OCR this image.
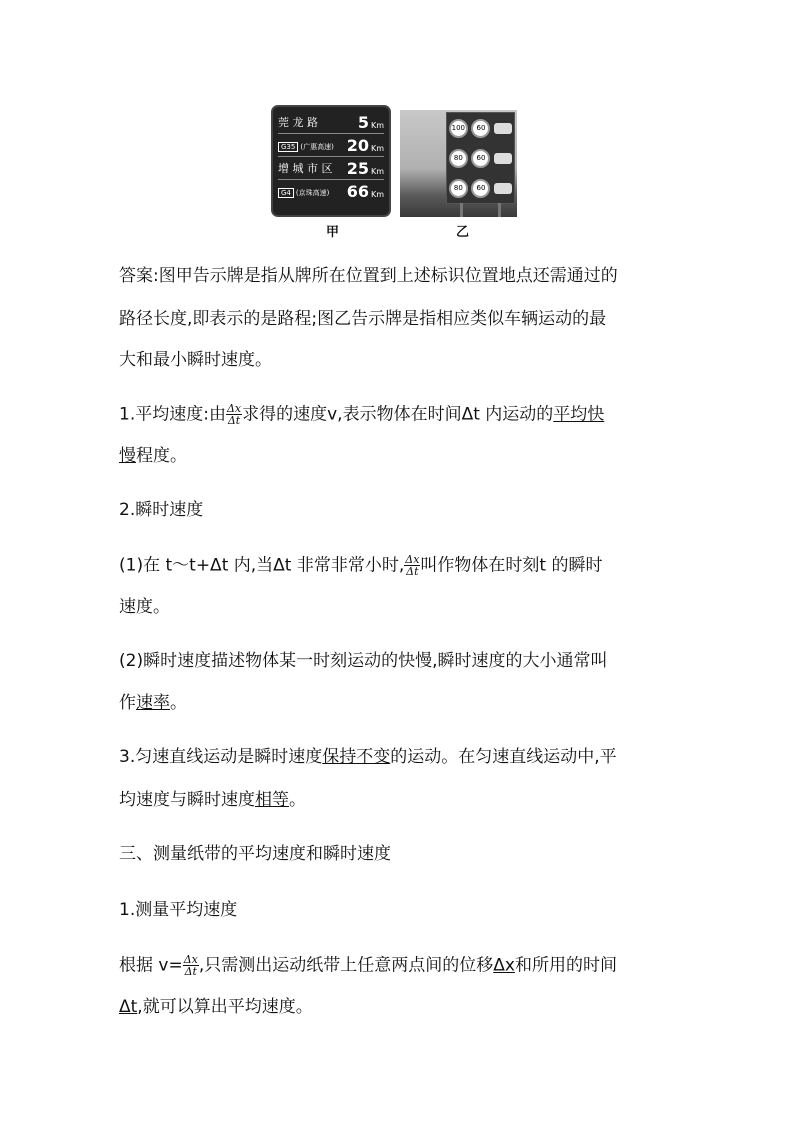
莞 龙 路 5 Km
G35 (广惠高速) 20 Km
增 城 市 区 25 Km
G4 (京珠高速) 66 Km
100	60
80	60
80	60
甲	乙
答案:图甲告示牌是指从牌所在位置到上述标识位置地点还需通过的
路径长度,即表示的是路程;图乙告示牌是指相应类似车辆运动的最
大和最小瞬时速度。
1.平均速度:由 $\frac{\Delta x}{\Delta t}$ 求得的速度v,表示物体在时间Δt 内运动的平均快
慢程度。
2.瞬时速度
(1)在 t～t+Δt 内,当Δt 非常非常小时, $\frac{\Delta x}{\Delta t}$ 叫作物体在时刻t 的瞬时
速度。
(2)瞬时速度描述物体某一时刻运动的快慢,瞬时速度的大小通常叫
作速率。
3.匀速直线运动是瞬时速度保持不变的运动。在匀速直线运动中,平
均速度与瞬时速度相等。
三、测量纸带的平均速度和瞬时速度
1.测量平均速度
根据 $v= \frac{\Delta x}{\Delta t}$ ,只需测出运动纸带上任意两点间的位移Δx和所用的时间
Δt,就可以算出平均速度。
